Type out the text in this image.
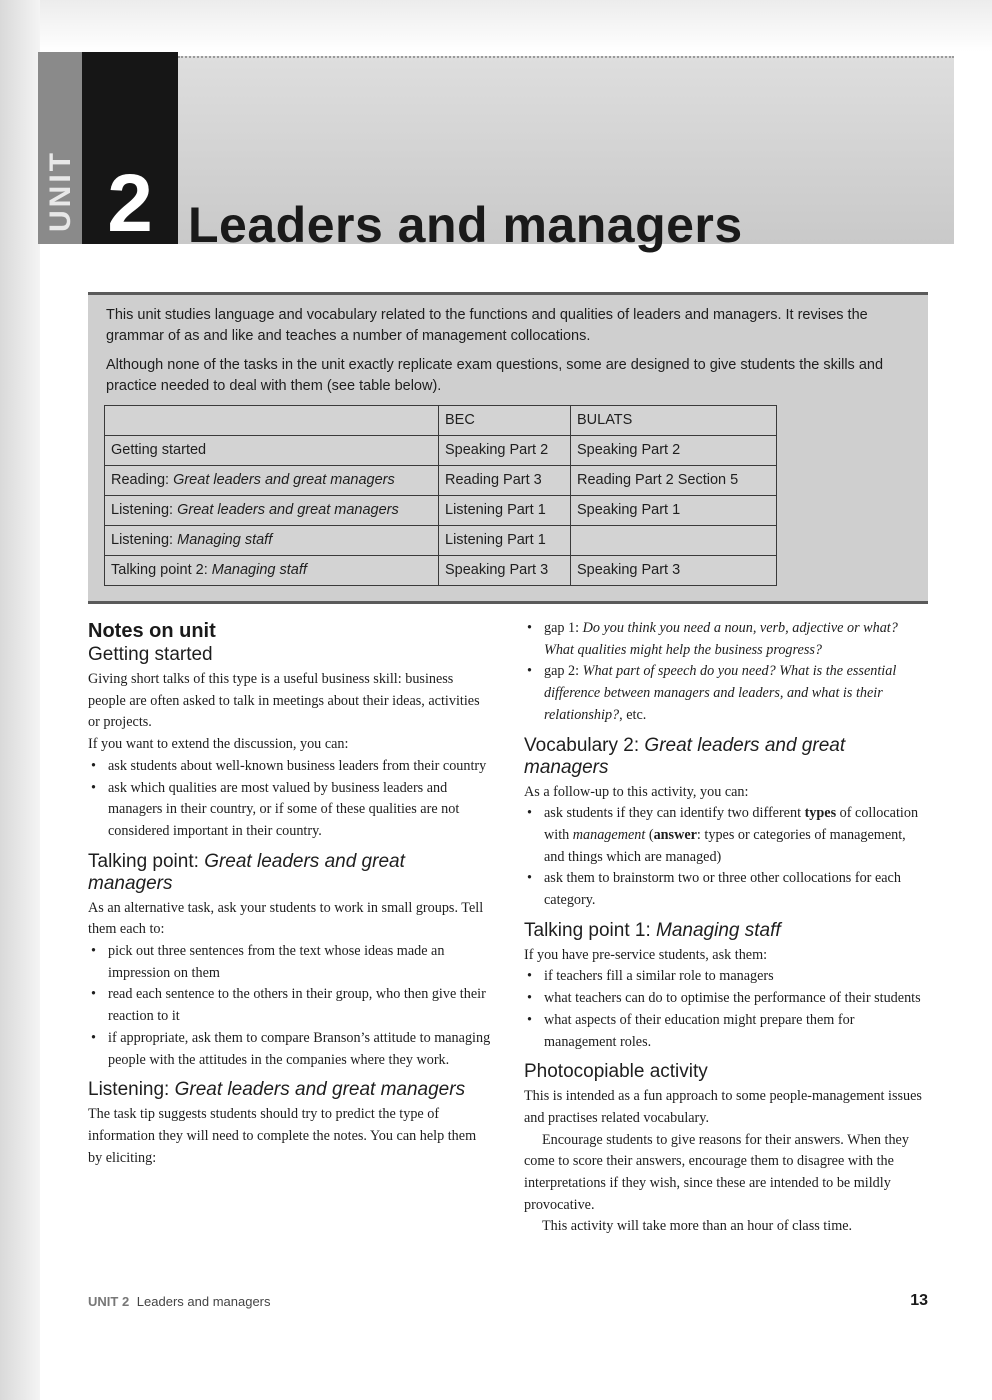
UNIT 2 Leaders and managers

This unit studies language and vocabulary related to the functions and qualities of leaders and managers. It revises the grammar of as and like and teaches a number of management collocations.

Although none of the tasks in the unit exactly replicate exam questions, some are designed to give students the skills and practice needed to deal with them (see table below).

	BEC	BULATS
Getting started	Speaking Part 2	Speaking Part 2
Reading: Great leaders and great managers	Reading Part 3	Reading Part 2 Section 5
Listening: Great leaders and great managers	Listening Part 1	Speaking Part 1
Listening: Managing staff	Listening Part 1	
Talking point 2: Managing staff	Speaking Part 3	Speaking Part 3
Notes on unit
Getting started

Giving short talks of this type is a useful business skill: business people are often asked to talk in meetings about their ideas, activities or projects.

If you want to extend the discussion, you can:

• ask students about well-known business leaders from their country
• ask which qualities are most valued by business leaders and managers in their country, or if some of these qualities are not considered important in their country.
Talking point: Great leaders and great managers

As an alternative task, ask your students to work in small groups. Tell them each to:

• pick out three sentences from the text whose ideas made an impression on them
• read each sentence to the others in their group, who then give their reaction to it
• if appropriate, ask them to compare Branson’s attitude to managing people with the attitudes in the companies where they work.
Listening: Great leaders and great managers

The task tip suggests students should try to predict the type of information they will need to complete the notes. You can help them by eliciting:

• gap 1: Do you think you need a noun, verb, adjective or what? What qualities might help the business progress?
• gap 2: What part of speech do you need? What is the essential difference between managers and leaders, and what is their relationship?, etc.
Vocabulary 2: Great leaders and great managers

As a follow-up to this activity, you can:

• ask students if they can identify two different types of collocation with management (answer: types or categories of management, and things which are managed)
• ask them to brainstorm two or three other collocations for each category.
Talking point 1: Managing staff

If you have pre-service students, ask them:

• if teachers fill a similar role to managers
• what teachers can do to optimise the performance of their students
• what aspects of their education might prepare them for management roles.
Photocopiable activity

This is intended as a fun approach to some people-management issues and practises related vocabulary.

Encourage students to give reasons for their answers. When they come to score their answers, encourage them to disagree with the interpretations if they wish, since these are intended to be mildly provocative.

This activity will take more than an hour of class time.

UNIT 2 Leaders and managers	13
